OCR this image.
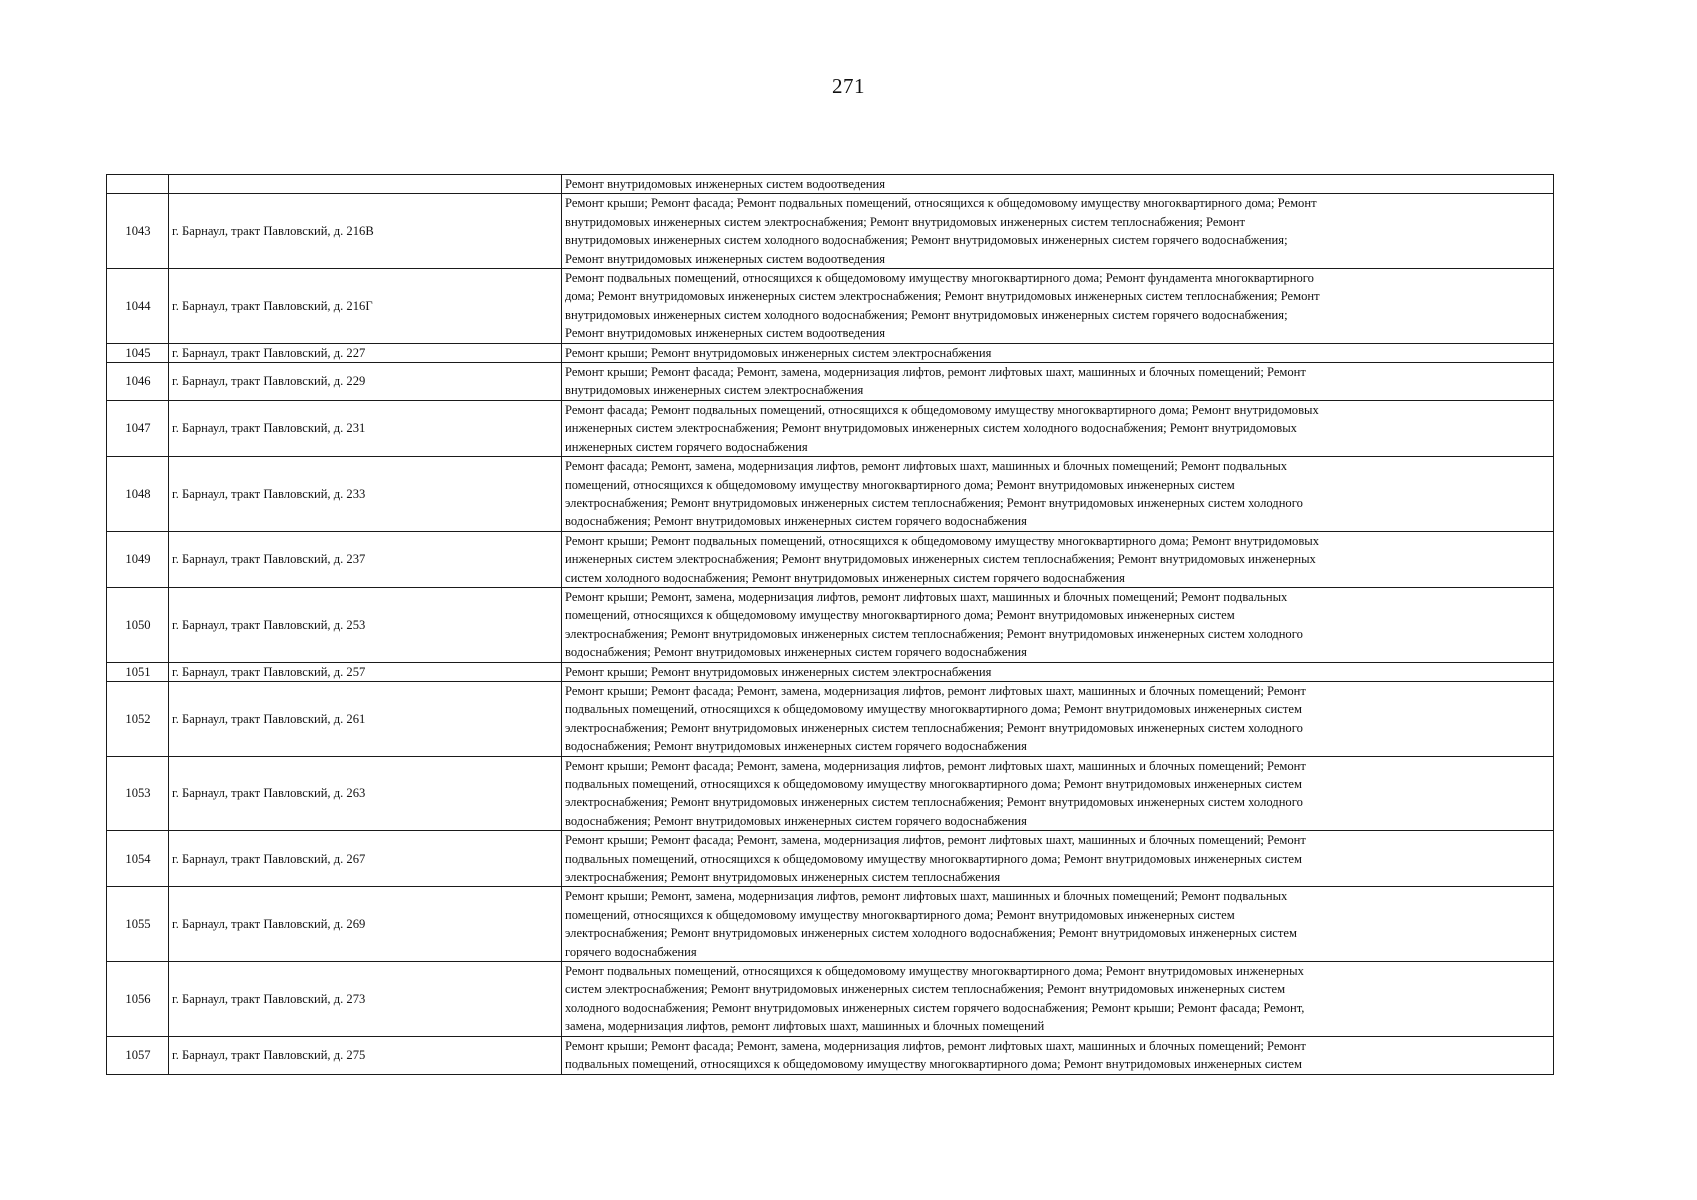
271
		Ремонт внутридомовых инженерных систем водоотведения
1043	г. Барнаул, тракт Павловский, д. 216В	Ремонт крыши; Ремонт фасада; Ремонт подвальных помещений, относящихся к общедомовому имуществу многоквартирного дома; Ремонт
внутридомовых инженерных систем электроснабжения; Ремонт внутридомовых инженерных систем теплоснабжения; Ремонт
внутридомовых инженерных систем холодного водоснабжения; Ремонт внутридомовых инженерных систем горячего водоснабжения;
Ремонт внутридомовых инженерных систем водоотведения
1044	г. Барнаул, тракт Павловский, д. 216Г	Ремонт подвальных помещений, относящихся к общедомовому имуществу многоквартирного дома; Ремонт фундамента многоквартирного
дома; Ремонт внутридомовых инженерных систем электроснабжения; Ремонт внутридомовых инженерных систем теплоснабжения; Ремонт
внутридомовых инженерных систем холодного водоснабжения; Ремонт внутридомовых инженерных систем горячего водоснабжения;
Ремонт внутридомовых инженерных систем водоотведения
1045	г. Барнаул, тракт Павловский, д. 227	Ремонт крыши; Ремонт внутридомовых инженерных систем электроснабжения
1046	г. Барнаул, тракт Павловский, д. 229	Ремонт крыши; Ремонт фасада; Ремонт, замена, модернизация лифтов, ремонт лифтовых шахт, машинных и блочных помещений; Ремонт
внутридомовых инженерных систем электроснабжения
1047	г. Барнаул, тракт Павловский, д. 231	Ремонт фасада; Ремонт подвальных помещений, относящихся к общедомовому имуществу многоквартирного дома; Ремонт внутридомовых
инженерных систем электроснабжения; Ремонт внутридомовых инженерных систем холодного водоснабжения; Ремонт внутридомовых
инженерных систем горячего водоснабжения
1048	г. Барнаул, тракт Павловский, д. 233	Ремонт фасада; Ремонт, замена, модернизация лифтов, ремонт лифтовых шахт, машинных и блочных помещений; Ремонт подвальных
помещений, относящихся к общедомовому имуществу многоквартирного дома; Ремонт внутридомовых инженерных систем
электроснабжения; Ремонт внутридомовых инженерных систем теплоснабжения; Ремонт внутридомовых инженерных систем холодного
водоснабжения; Ремонт внутридомовых инженерных систем горячего водоснабжения
1049	г. Барнаул, тракт Павловский, д. 237	Ремонт крыши; Ремонт подвальных помещений, относящихся к общедомовому имуществу многоквартирного дома; Ремонт внутридомовых
инженерных систем электроснабжения; Ремонт внутридомовых инженерных систем теплоснабжения; Ремонт внутридомовых инженерных
систем холодного водоснабжения; Ремонт внутридомовых инженерных систем горячего водоснабжения
1050	г. Барнаул, тракт Павловский, д. 253	Ремонт крыши; Ремонт, замена, модернизация лифтов, ремонт лифтовых шахт, машинных и блочных помещений; Ремонт подвальных
помещений, относящихся к общедомовому имуществу многоквартирного дома; Ремонт внутридомовых инженерных систем
электроснабжения; Ремонт внутридомовых инженерных систем теплоснабжения; Ремонт внутридомовых инженерных систем холодного
водоснабжения; Ремонт внутридомовых инженерных систем горячего водоснабжения
1051	г. Барнаул, тракт Павловский, д. 257	Ремонт крыши; Ремонт внутридомовых инженерных систем электроснабжения
1052	г. Барнаул, тракт Павловский, д. 261	Ремонт крыши; Ремонт фасада; Ремонт, замена, модернизация лифтов, ремонт лифтовых шахт, машинных и блочных помещений; Ремонт
подвальных помещений, относящихся к общедомовому имуществу многоквартирного дома; Ремонт внутридомовых инженерных систем
электроснабжения; Ремонт внутридомовых инженерных систем теплоснабжения; Ремонт внутридомовых инженерных систем холодного
водоснабжения; Ремонт внутридомовых инженерных систем горячего водоснабжения
1053	г. Барнаул, тракт Павловский, д. 263	Ремонт крыши; Ремонт фасада; Ремонт, замена, модернизация лифтов, ремонт лифтовых шахт, машинных и блочных помещений; Ремонт
подвальных помещений, относящихся к общедомовому имуществу многоквартирного дома; Ремонт внутридомовых инженерных систем
электроснабжения; Ремонт внутридомовых инженерных систем теплоснабжения; Ремонт внутридомовых инженерных систем холодного
водоснабжения; Ремонт внутридомовых инженерных систем горячего водоснабжения
1054	г. Барнаул, тракт Павловский, д. 267	Ремонт крыши; Ремонт фасада; Ремонт, замена, модернизация лифтов, ремонт лифтовых шахт, машинных и блочных помещений; Ремонт
подвальных помещений, относящихся к общедомовому имуществу многоквартирного дома; Ремонт внутридомовых инженерных систем
электроснабжения; Ремонт внутридомовых инженерных систем теплоснабжения
1055	г. Барнаул, тракт Павловский, д. 269	Ремонт крыши; Ремонт, замена, модернизация лифтов, ремонт лифтовых шахт, машинных и блочных помещений; Ремонт подвальных
помещений, относящихся к общедомовому имуществу многоквартирного дома; Ремонт внутридомовых инженерных систем
электроснабжения; Ремонт внутридомовых инженерных систем холодного водоснабжения; Ремонт внутридомовых инженерных систем
горячего водоснабжения
1056	г. Барнаул, тракт Павловский, д. 273	Ремонт подвальных помещений, относящихся к общедомовому имуществу многоквартирного дома; Ремонт внутридомовых инженерных
систем электроснабжения; Ремонт внутридомовых инженерных систем теплоснабжения; Ремонт внутридомовых инженерных систем
холодного водоснабжения; Ремонт внутридомовых инженерных систем горячего водоснабжения; Ремонт крыши; Ремонт фасада; Ремонт,
замена, модернизация лифтов, ремонт лифтовых шахт, машинных и блочных помещений
1057	г. Барнаул, тракт Павловский, д. 275	Ремонт крыши; Ремонт фасада; Ремонт, замена, модернизация лифтов, ремонт лифтовых шахт, машинных и блочных помещений; Ремонт
подвальных помещений, относящихся к общедомовому имуществу многоквартирного дома; Ремонт внутридомовых инженерных систем
